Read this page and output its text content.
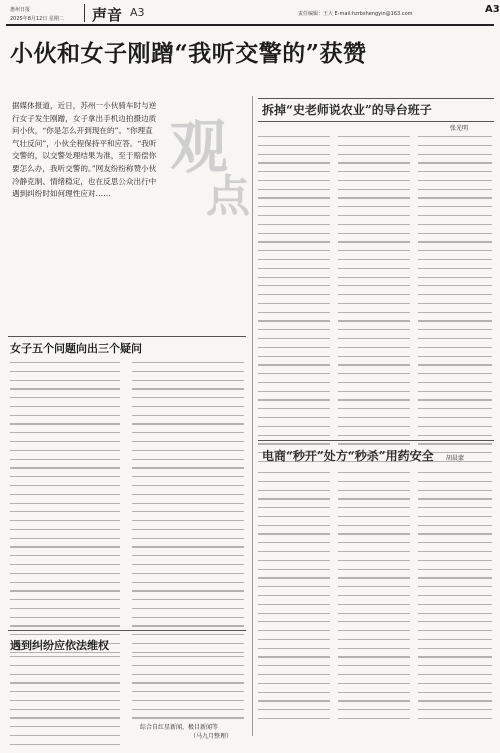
惠州日报
2025年8月12日 星期二 声音 A3	责任编辑：王大 E-mail:hzrbshengyin@163.com	A3
小伙和女子刚蹭“我听交警的”获赞
据媒体报道，近日，苏州一小伙骑车时与逆行女子发生刚蹭，女子拿出手机边拍摄边质问小伙，“你是怎么开到现在的”。“你理直气壮反问”，小伙全程保持平和应答。“我听交警的，以交警处理结果为准，至于赔偿你要怎么办，我听交警的。”网友纷纷称赞小伙冷静克制、情绪稳定，也在反思公众出行中遇到纠纷时如何理性应对……
观
点
女子五个问题向出三个疑问
遇到纠纷应依法维权
综合自红星新闻、极目新闻等
（马九月整理）
拆掉“史老师说农业”的导台班子
张光明
电商“秒开”处方“秒杀”用药安全 胡晨蒙
